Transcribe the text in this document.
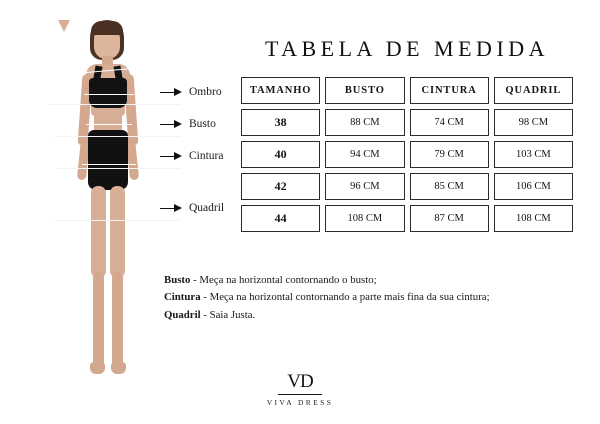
Ombro
Busto
Cintura
Quadril
TABELA DE MEDIDA
TAMANHO	BUSTO	CINTURA	QUADRIL
38	88 CM	74 CM	98 CM
40	94 CM	79 CM	103 CM
42	96 CM	85 CM	106 CM
44	108 CM	87 CM	108 CM
Busto - Meça na horizontal contornando o busto;
Cintura - Meça na horizontal contornando a parte mais fina da sua cintura;
Quadril - Saia Justa.
VD
VIVA DRESS
